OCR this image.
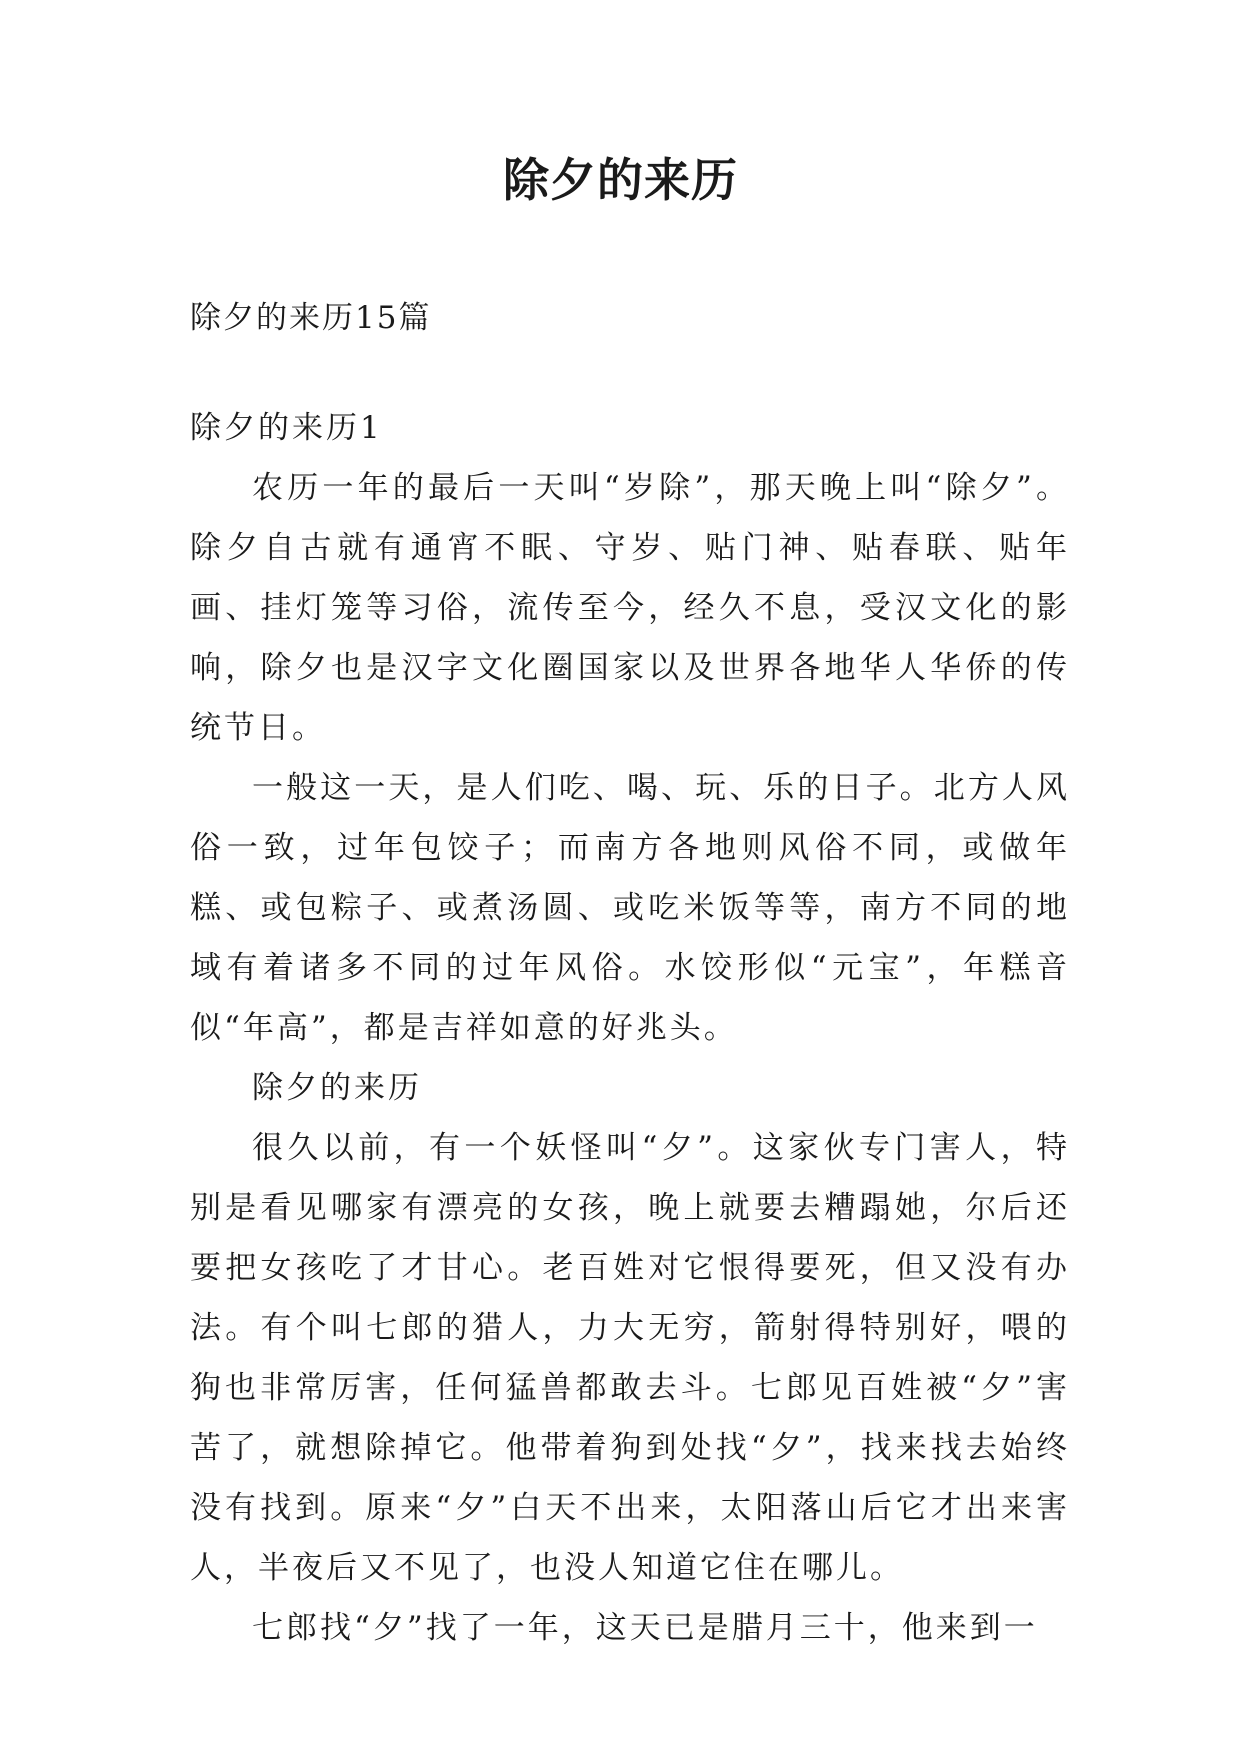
除夕的来历

除夕的来历15篇

除夕的来历1

农历一年的最后一天叫“岁除”，那天晚上叫“除夕”。除夕自古就有通宵不眠、守岁、贴门神、贴春联、贴年画、挂灯笼等习俗，流传至今，经久不息，受汉文化的影响，除夕也是汉字文化圈国家以及世界各地华人华侨的传统节日。

一般这一天，是人们吃、喝、玩、乐的日子。北方人风俗一致，过年包饺子；而南方各地则风俗不同，或做年糕、或包粽子、或煮汤圆、或吃米饭等等，南方不同的地域有着诸多不同的过年风俗。水饺形似“元宝”，年糕音似“年高”，都是吉祥如意的好兆头。

除夕的来历

很久以前，有一个妖怪叫“夕”。这家伙专门害人，特别是看见哪家有漂亮的女孩，晚上就要去糟蹋她，尔后还要把女孩吃了才甘心。老百姓对它恨得要死，但又没有办法。有个叫七郎的猎人，力大无穷，箭射得特别好，喂的狗也非常厉害，任何猛兽都敢去斗。七郎见百姓被“夕”害苦了，就想除掉它。他带着狗到处找“夕”，找来找去始终没有找到。原来“夕”白天不出来，太阳落山后它才出来害人，半夜后又不见了，也没人知道它住在哪儿。

七郎找“夕”找了一年，这天已是腊月三十，他来到一
